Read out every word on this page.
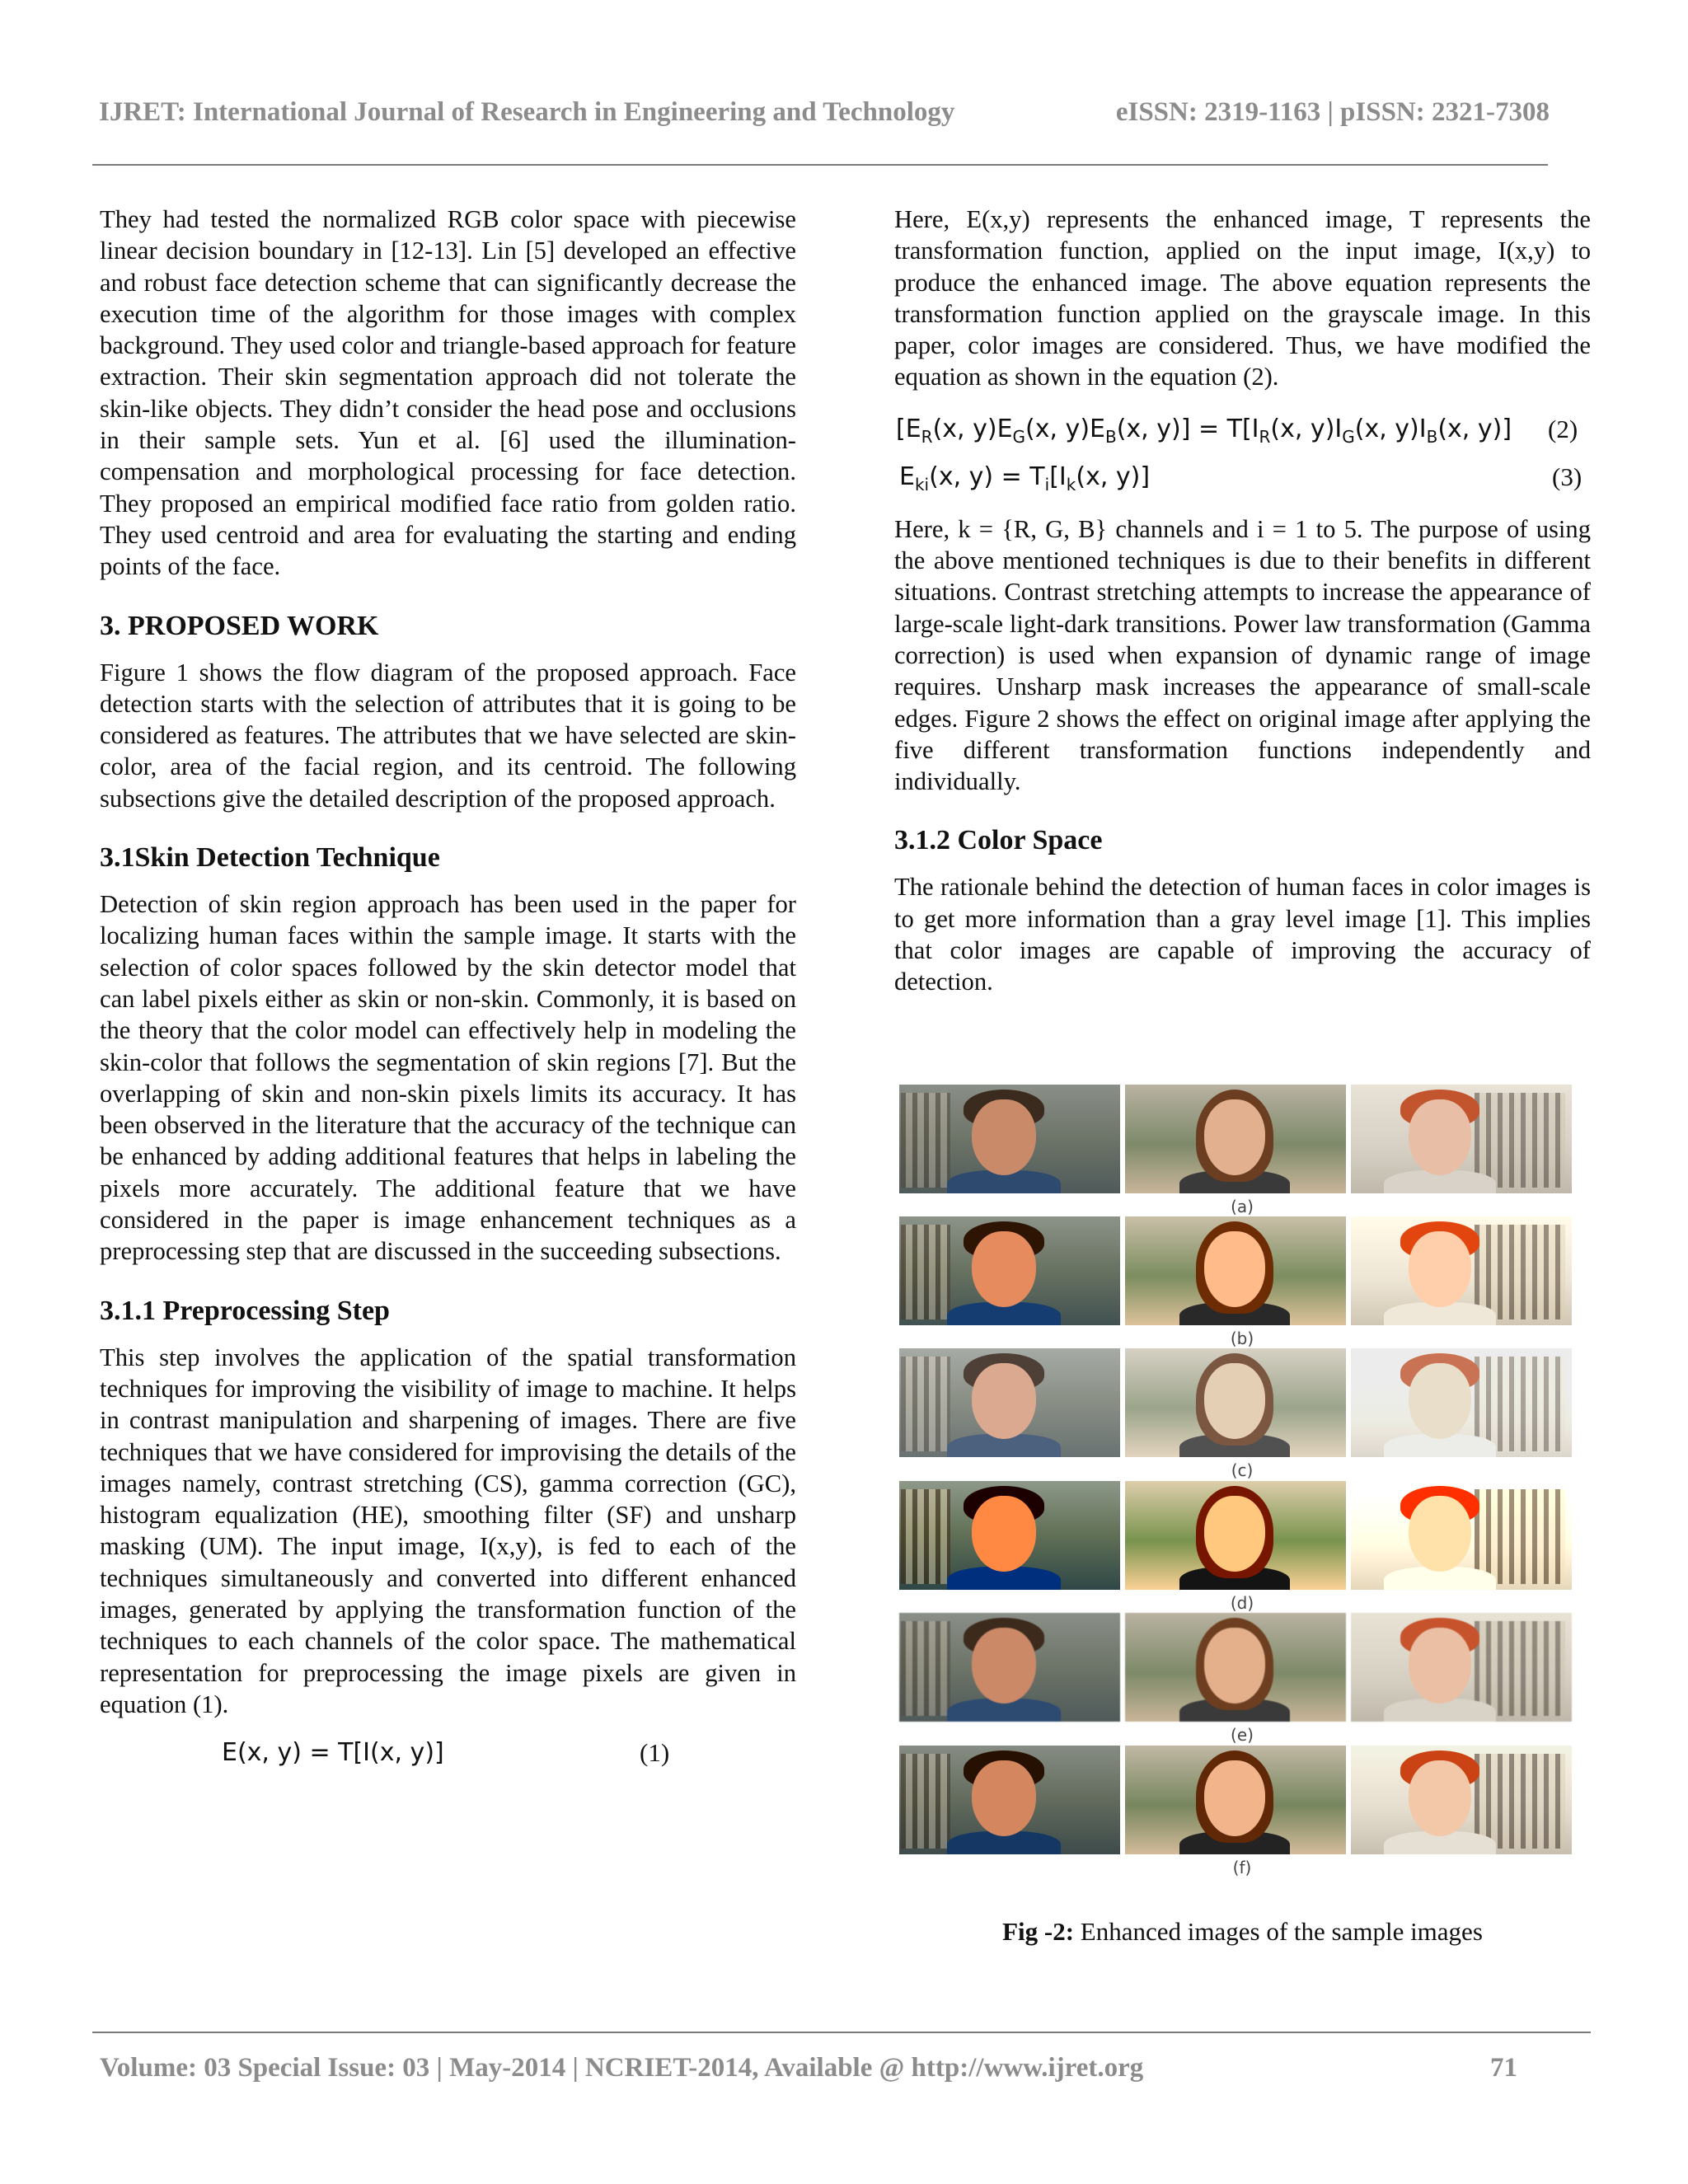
IJRET: International Journal of Research in Engineering and Technology	eISSN: 2319-1163 | pISSN: 2321-7308

They had tested the normalized RGB color space with piecewise linear decision boundary in [12-13]. Lin [5] developed an effective and robust face detection scheme that can significantly decrease the execution time of the algorithm for those images with complex background. They used color and triangle-based approach for feature extraction. Their skin segmentation approach did not tolerate the skin-like objects. They didn’t consider the head pose and occlusions in their sample sets. Yun et al. [6] used the illumination-compensation and morphological processing for face detection. They proposed an empirical modified face ratio from golden ratio. They used centroid and area for evaluating the starting and ending points of the face.

3. PROPOSED WORK

Figure 1 shows the flow diagram of the proposed approach. Face detection starts with the selection of attributes that it is going to be considered as features. The attributes that we have selected are skin-color, area of the facial region, and its centroid. The following subsections give the detailed description of the proposed approach.

3.1Skin Detection Technique

Detection of skin region approach has been used in the paper for localizing human faces within the sample image. It starts with the selection of color spaces followed by the skin detector model that can label pixels either as skin or non-skin. Commonly, it is based on the theory that the color model can effectively help in modeling the skin-color that follows the segmentation of skin regions [7]. But the overlapping of skin and non-skin pixels limits its accuracy. It has been observed in the literature that the accuracy of the technique can be enhanced by adding additional features that helps in labeling the pixels more accurately. The additional feature that we have considered in the paper is image enhancement techniques as a preprocessing step that are discussed in the succeeding subsections.

3.1.1 Preprocessing Step

This step involves the application of the spatial transformation techniques for improving the visibility of image to machine. It helps in contrast manipulation and sharpening of images. There are five techniques that we have considered for improvising the details of the images namely, contrast stretching (CS), gamma correction (GC), histogram equalization (HE), smoothing filter (SF) and unsharp masking (UM). The input image, I(x,y), is fed to each of the techniques simultaneously and converted into different enhanced images, generated by applying the transformation function of the techniques to each channels of the color space. The mathematical representation for preprocessing the image pixels are given in equation (1).

E(x, y) = T[I(x, y)]	(1)

Here, E(x,y) represents the enhanced image, T represents the transformation function, applied on the input image, I(x,y) to produce the enhanced image. The above equation represents the transformation function applied on the grayscale image. In this paper, color images are considered. Thus, we have modified the equation as shown in the equation (2).

[$E_R(x$, $y)E_G(x$, $y)E_B(x$, $y)] = T[I_R(x$, $y)I_G(x$, $y)I_B(x$, y)] (2)
$E_{ki}(x$, $y) = T_i[I_k(x$, y)]	(3)

Here, k = {R, G, B} channels and i = 1 to 5. The purpose of using the above mentioned techniques is due to their benefits in different situations. Contrast stretching attempts to increase the appearance of large-scale light-dark transitions. Power law transformation (Gamma correction) is used when expansion of dynamic range of image requires. Unsharp mask increases the appearance of small-scale edges. Figure 2 shows the effect on original image after applying the five different transformation functions independently and individually.

3.1.2 Color Space

The rationale behind the detection of human faces in color images is to get more information than a gray level image [1]. This implies that color images are capable of improving the accuracy of detection.

(a)
(b)
(c)
(d)
(e)
(f)
Fig -2: Enhanced images of the sample images
Volume: 03 Special Issue: 03 | May-2014 | NCRIET-2014, Available @ http://www.ijret.org	71
